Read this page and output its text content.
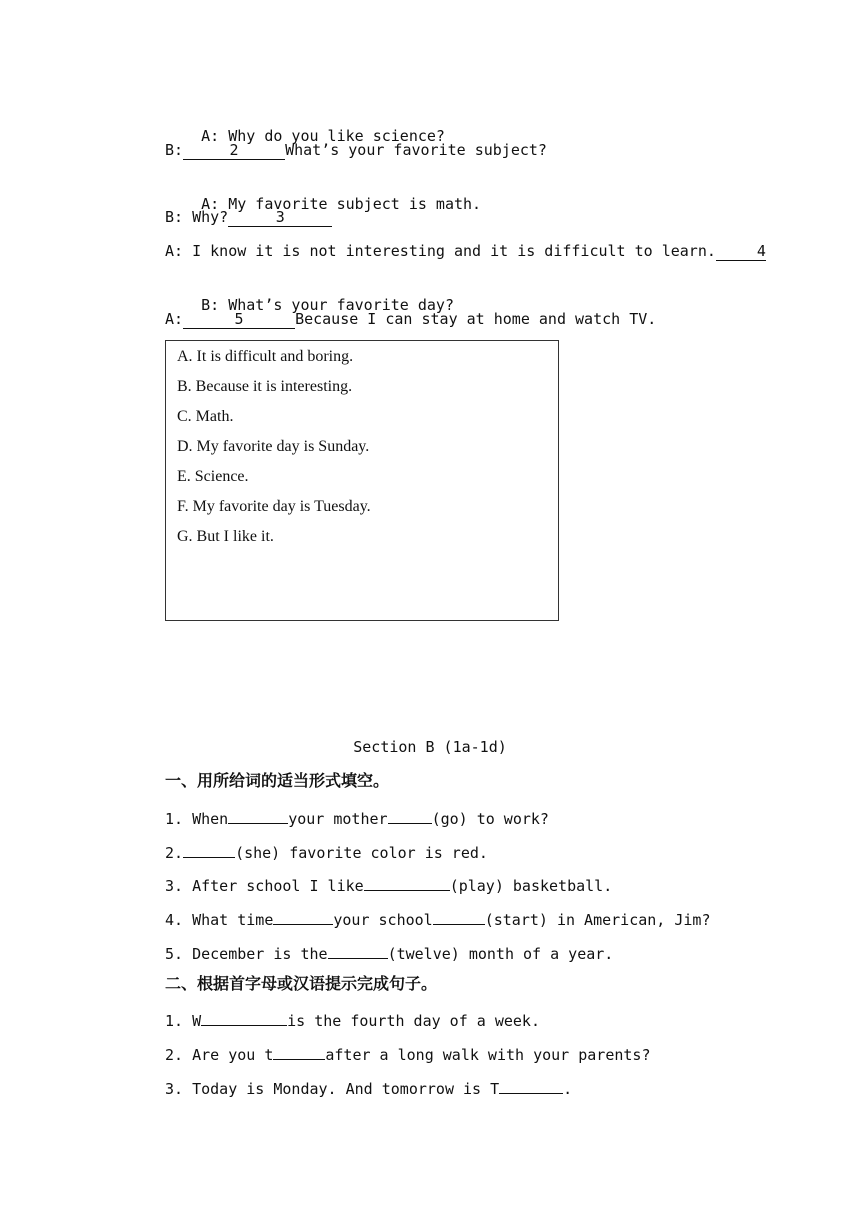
A: Why do you like science?

B:	2	What’s your favorite subject?

A: My favorite subject is math.

B: Why?	3
A: I know it is not interesting and it is difficult to learn.	4

B: What’s your favorite day?

A:	5	Because I can stay at home and watch TV.
A. It is difficult and boring.
B. Because it is interesting.
C. Math.
D. My favorite day is Sunday.
E. Science.
F. My favorite day is Tuesday.
G. But I like it.
Section B (1a-1d)
一、用所给词的适当形式填空。
1. When	your mother	(go) to work?
2.	(she) favorite color is red.
3. After school I like	(play) basketball.
4. What time	your school	(start) in American, Jim?
5. December is the	(twelve) month of a year.
二、根据首字母或汉语提示完成句子。
1. W	is the fourth day of a week.
2. Are you t	after a long walk with your parents?
3. Today is Monday. And tomorrow is T	.
